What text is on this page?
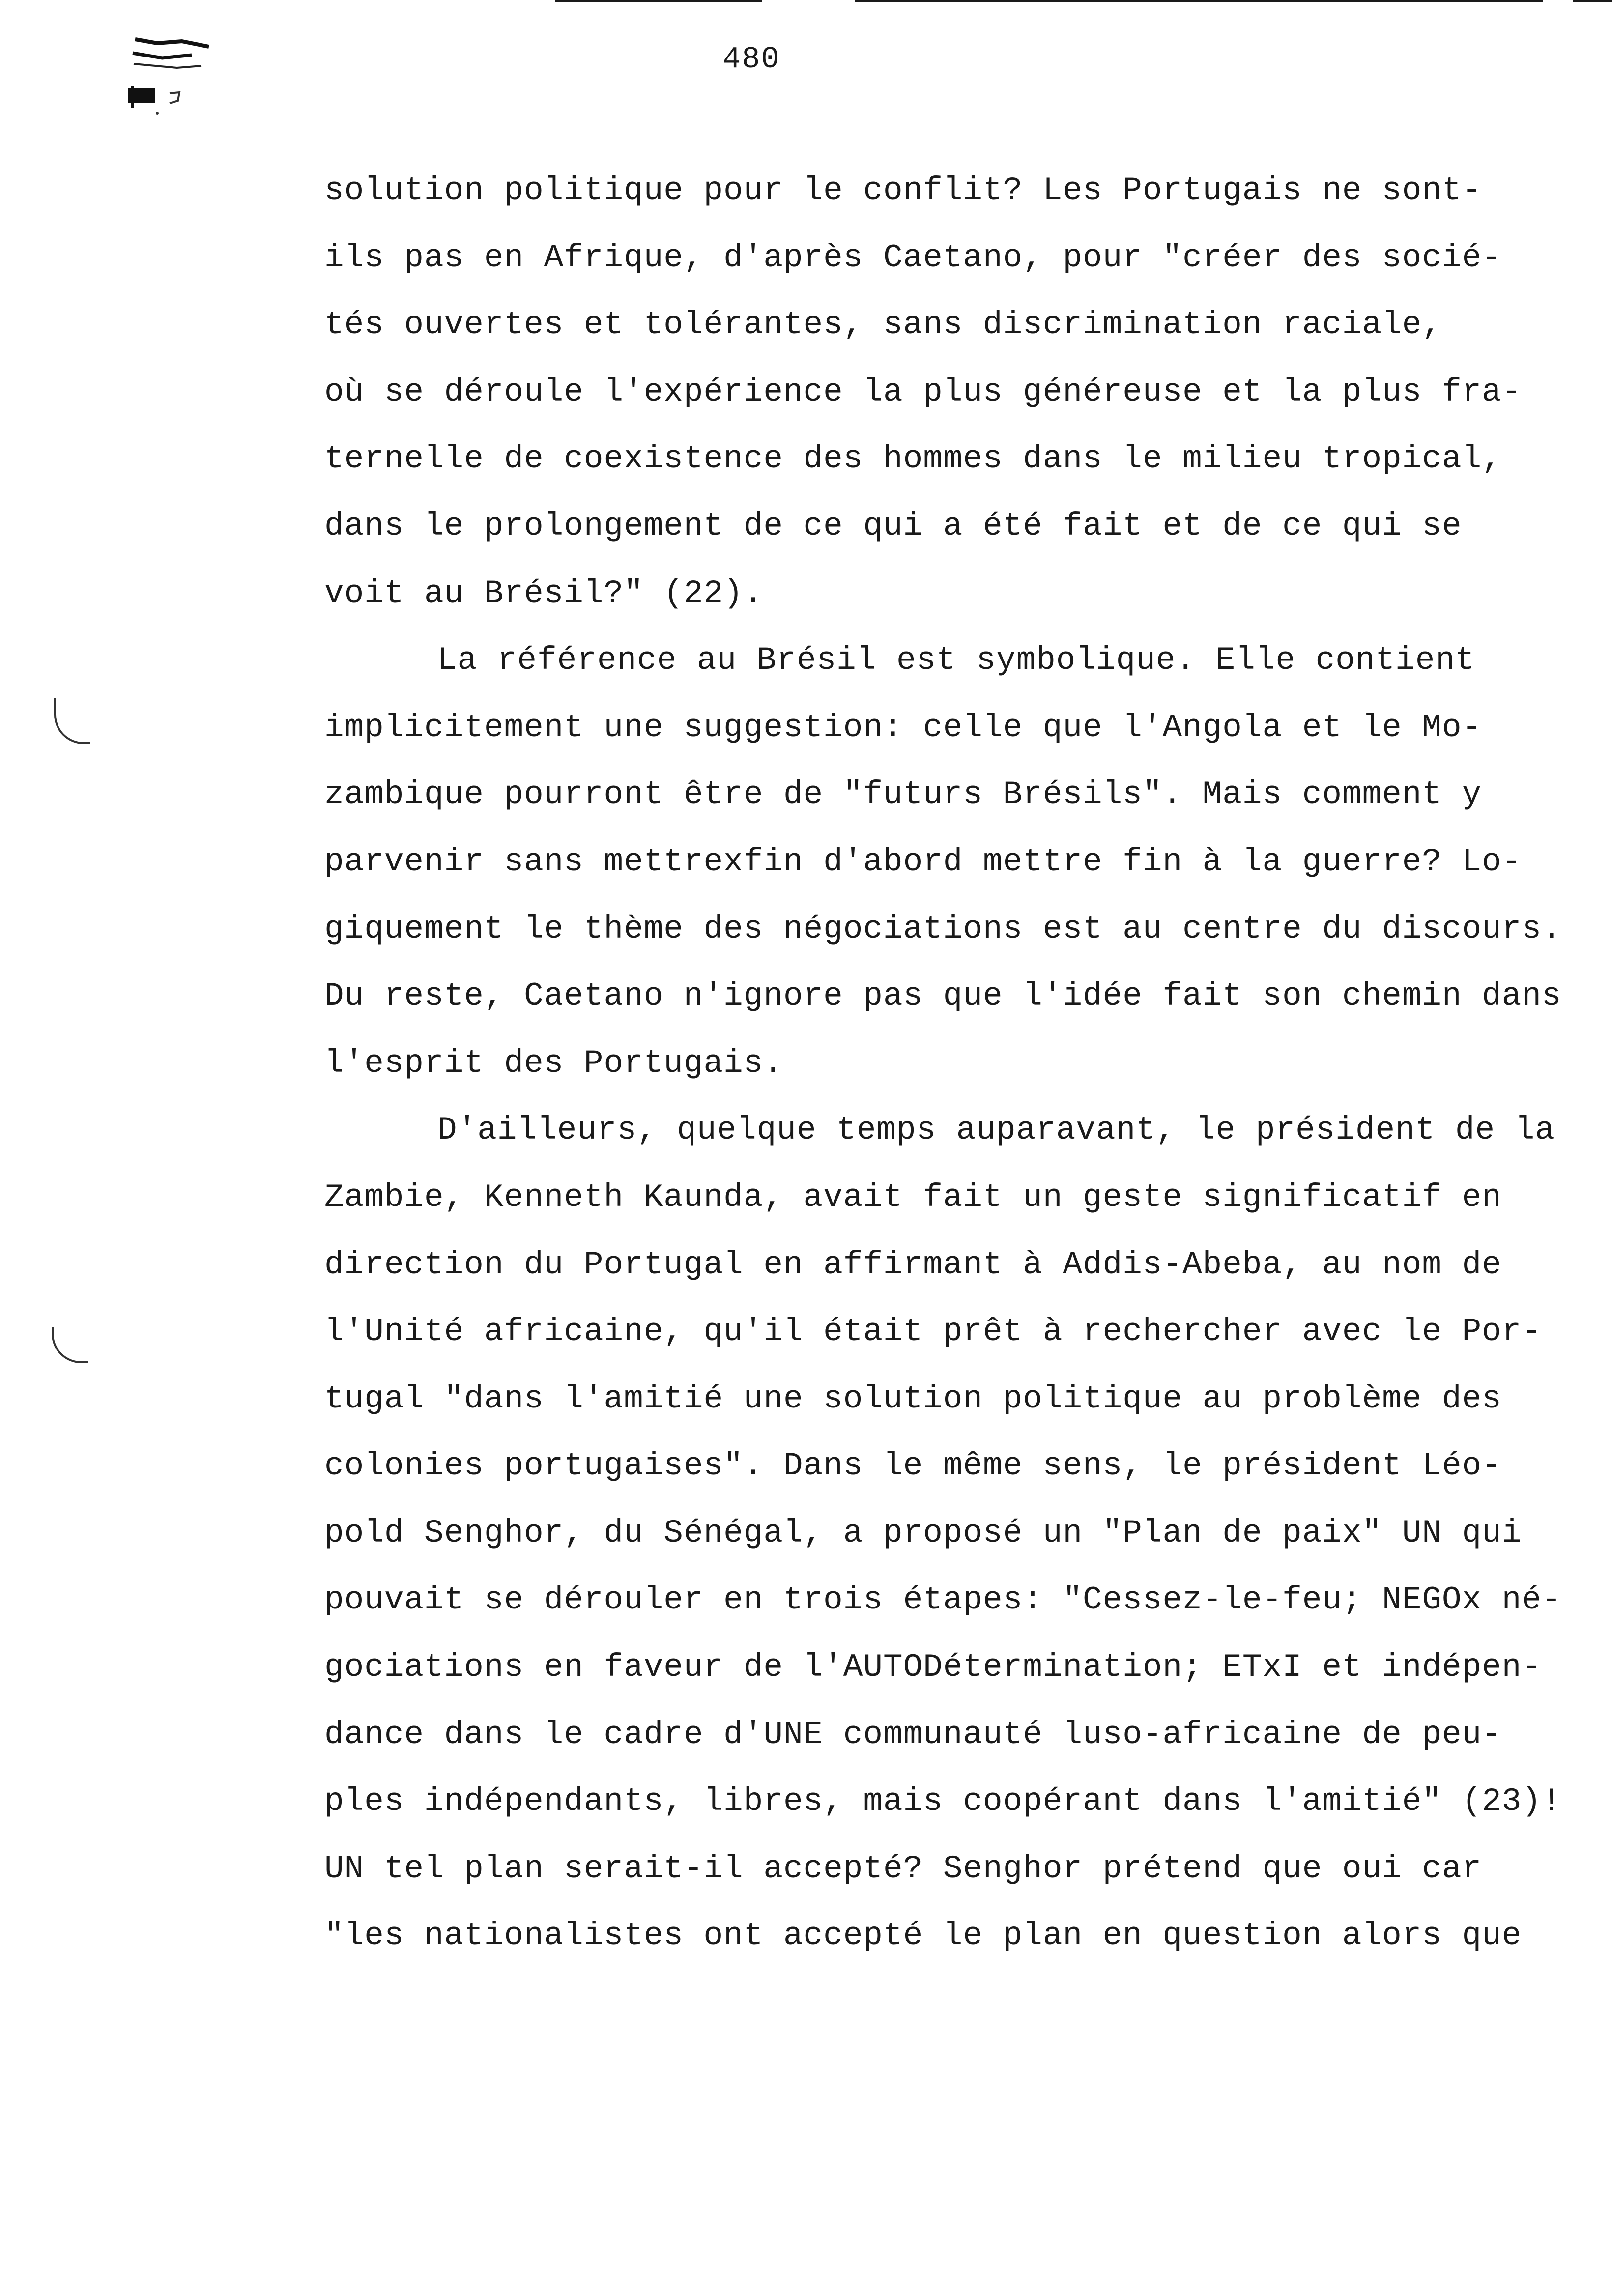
480
solution politique pour le conflit? Les Portugais ne sont-
ils pas en Afrique, d'après Caetano, pour "créer des socié-
tés ouvertes et tolérantes, sans discrimination raciale,
où se déroule l'expérience la plus généreuse et la plus fra-
ternelle de coexistence des hommes dans le milieu tropical,
dans le prolongement de ce qui a été fait et de ce qui se
voit au Brésil?" (22).
La référence au Brésil est symbolique. Elle contient
implicitement une suggestion: celle que l'Angola et le Mo-
zambique pourront être de "futurs Brésils". Mais comment y
parvenir sans mettrexfin d'abord mettre fin à la guerre? Lo-
giquement le thème des négociations est au centre du discours.
Du reste, Caetano n'ignore pas que l'idée fait son chemin dans
l'esprit des Portugais.
D'ailleurs, quelque temps auparavant, le président de la
Zambie, Kenneth Kaunda, avait fait un geste significatif en
direction du Portugal en affirmant à Addis-Abeba, au nom de
l'Unité africaine, qu'il était prêt à rechercher avec le Por-
tugal "dans l'amitié une solution politique au problème des
colonies portugaises". Dans le même sens, le président Léo-
pold Senghor, du Sénégal, a proposé un "Plan de paix" UN qui
pouvait se dérouler en trois étapes: "Cessez-le-feu; NEGOx né-
gociations en faveur de l'AUTODétermination; ETxI et indépen-
dance dans le cadre d'UNE communauté luso-africaine de peu-
ples indépendants, libres, mais coopérant dans l'amitié" (23)!
UN tel plan serait-il accepté? Senghor prétend que oui car
"les nationalistes ont accepté le plan en question alors que
